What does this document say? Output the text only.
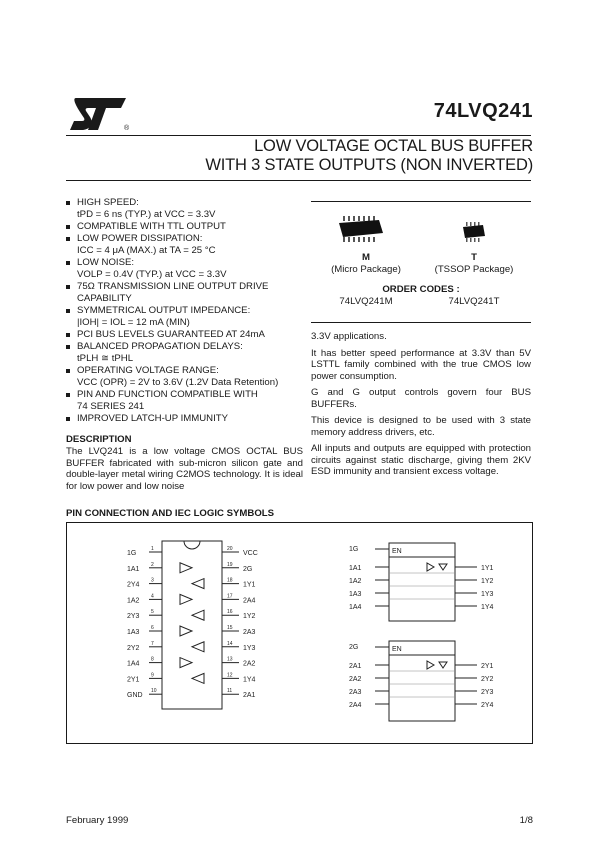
®
74LVQ241
LOW VOLTAGE OCTAL BUS BUFFER
WITH 3 STATE OUTPUTS (NON INVERTED)
HIGH SPEED:
tPD = 6 ns (TYP.) at VCC = 3.3V
COMPATIBLE WITH TTL OUTPUT
LOW POWER DISSIPATION:
ICC = 4 μA (MAX.) at TA = 25 °C
LOW NOISE:
VOLP = 0.4V (TYP.) at VCC = 3.3V
75Ω TRANSMISSION LINE OUTPUT DRIVE
CAPABILITY
SYMMETRICAL OUTPUT IMPEDANCE:
|IOH| = IOL = 12 mA (MIN)
PCI BUS LEVELS GUARANTEED AT 24mA
BALANCED PROPAGATION DELAYS:
tPLH ≅ tPHL
OPERATING VOLTAGE RANGE:
VCC (OPR) = 2V to 3.6V (1.2V Data Retention)
PIN AND FUNCTION COMPATIBLE WITH
74 SERIES 241
IMPROVED LATCH-UP IMMUNITY
DESCRIPTION
The LVQ241 is a low voltage CMOS OCTAL BUS BUFFER fabricated with sub-micron silicon gate and double-layer metal wiring C2MOS technology. It is ideal for low power and low noise
M
(Micro Package)
T
(TSSOP Package)
ORDER CODES :
74LVQ241M	74LVQ241T

3.3V applications.

It has better speed performance at 3.3V than 5V LSTTL family combined with the true CMOS low power consumption.

G and G output controls govern four BUS BUFFERs.

This device is designed to be used with 3 state memory address drivers, etc.

All inputs and outputs are equipped with protection circuits against static discharge, giving them 2KV ESD immunity and transient excess voltage.

PIN CONNECTION AND IEC LOGIC SYMBOLS
1G
1
1A1
2
2Y4
3
1A2
4
2Y3
5
1A3
6
2Y2
7
1A4
8
2Y1
9
GND
10
VCC
20
2G
19
1Y1
18
2A4
17
1Y2
16
2A3
15
1Y3
14
2A2
13
1Y4
12
2A1
11
EN
1G
1A1	1Y1
1A2	1Y2
1A3	1Y3
1A4	1Y4
EN
2G
2A1	2Y1
2A2	2Y2
2A3	2Y3
2A4	2Y4
February 1999	1/8
